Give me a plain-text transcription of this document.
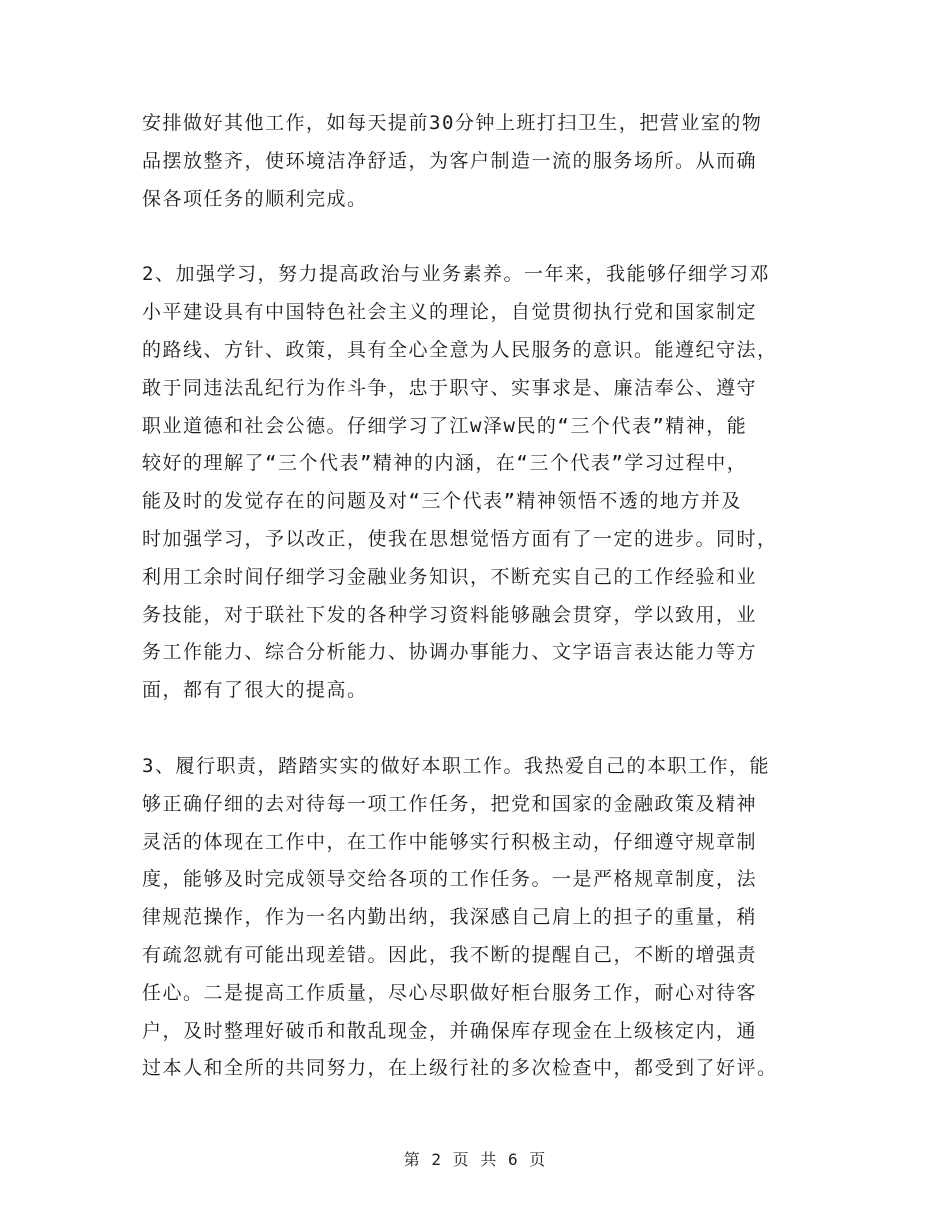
安排做好其他工作，如每天提前30分钟上班打扫卫生，把营业室的物
品摆放整齐，使环境洁净舒适，为客户制造一流的服务场所。从而确
保各项任务的顺利完成。
2、加强学习，努力提高政治与业务素养。一年来，我能够仔细学习邓
小平建设具有中国特色社会主义的理论，自觉贯彻执行党和国家制定
的路线、方针、政策，具有全心全意为人民服务的意识。能遵纪守法，
敢于同违法乱纪行为作斗争，忠于职守、实事求是、廉洁奉公、遵守
职业道德和社会公德。仔细学习了江w泽w民的“三个代表”精神，能
较好的理解了“三个代表”精神的内涵，在“三个代表”学习过程中，
能及时的发觉存在的问题及对“三个代表”精神领悟不透的地方并及
时加强学习，予以改正，使我在思想觉悟方面有了一定的进步。同时，
利用工余时间仔细学习金融业务知识，不断充实自己的工作经验和业
务技能，对于联社下发的各种学习资料能够融会贯穿，学以致用，业
务工作能力、综合分析能力、协调办事能力、文字语言表达能力等方
面，都有了很大的提高。
3、履行职责，踏踏实实的做好本职工作。我热爱自己的本职工作，能
够正确仔细的去对待每一项工作任务，把党和国家的金融政策及精神
灵活的体现在工作中，在工作中能够实行积极主动，仔细遵守规章制
度，能够及时完成领导交给各项的工作任务。一是严格规章制度，法
律规范操作，作为一名内勤出纳，我深感自己肩上的担子的重量，稍
有疏忽就有可能出现差错。因此，我不断的提醒自己，不断的增强责
任心。二是提高工作质量，尽心尽职做好柜台服务工作，耐心对待客
户，及时整理好破币和散乱现金，并确保库存现金在上级核定内，通
过本人和全所的共同努力，在上级行社的多次检查中，都受到了好评。
第 2 页 共 6 页
